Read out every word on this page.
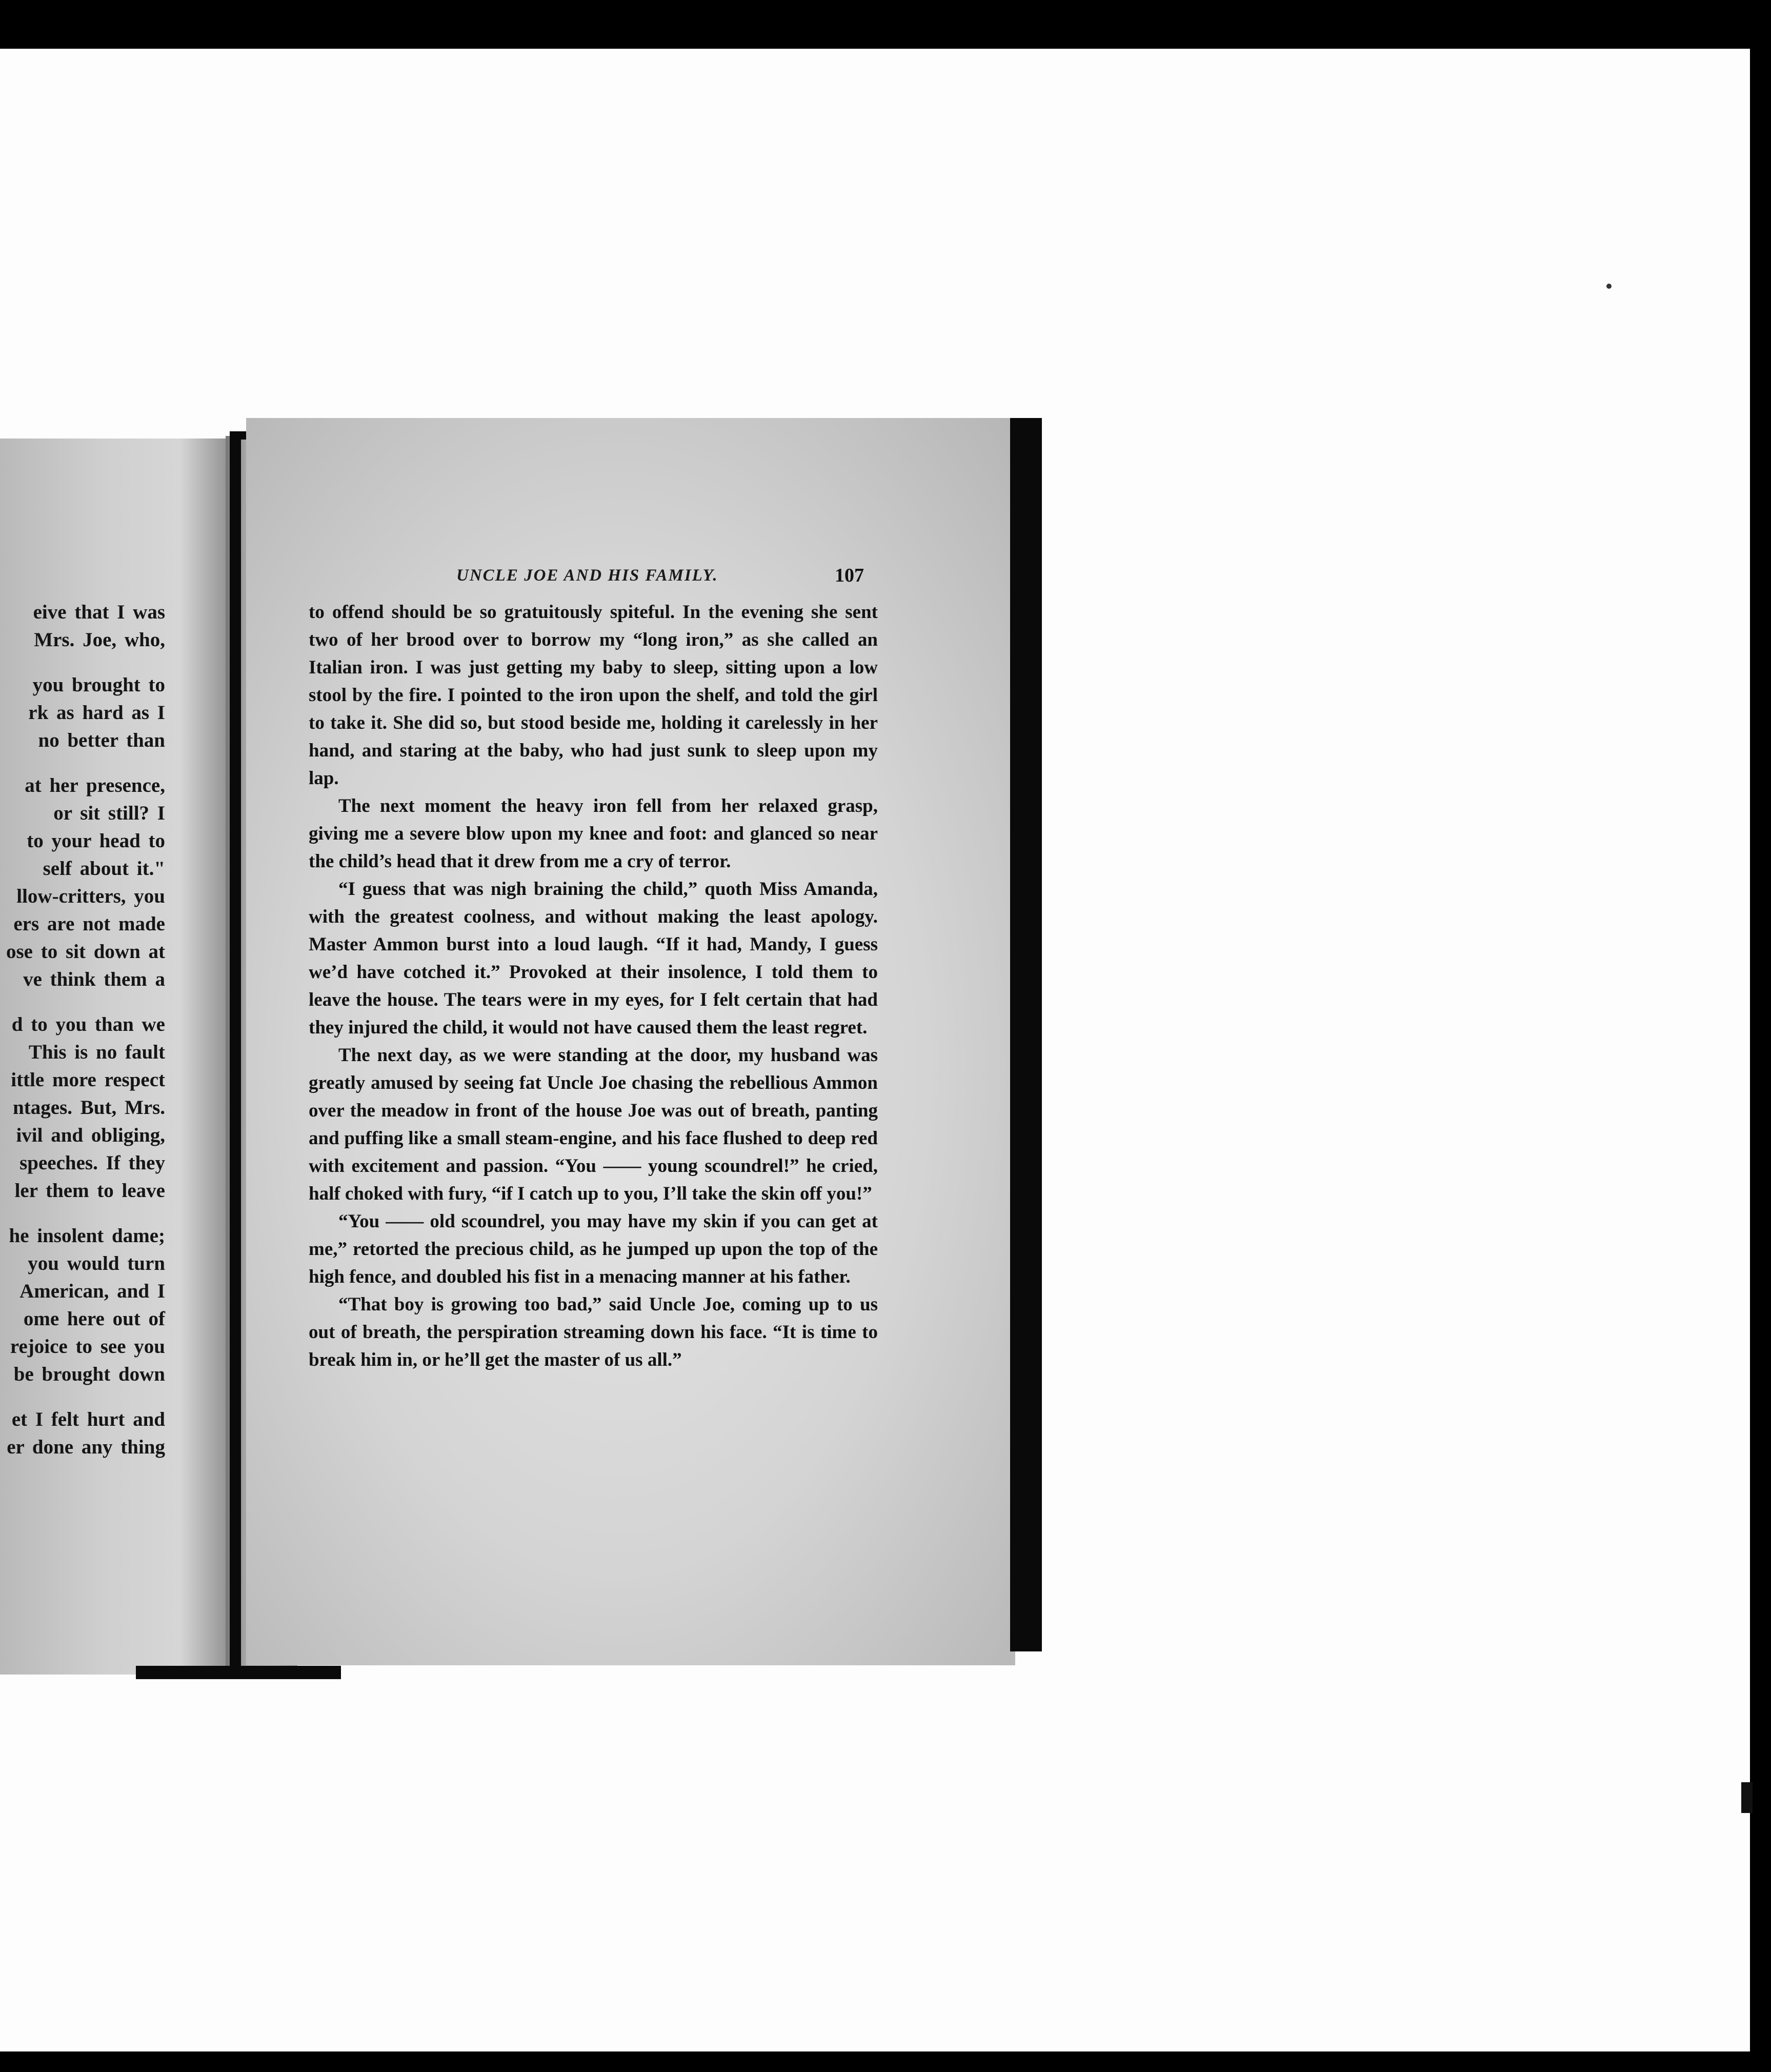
eive that I was
Mrs. Joe, who,
you brought to
rk as hard as I
no better than
at her presence,
or sit still? I
to your head to
self about it."
llow-critters, you
ers are not made
ose to sit down at
ve think them a
d to you than we
This is no fault
ittle more respect
ntages. But, Mrs.
ivil and obliging,
speeches. If they
ler them to leave
he insolent dame;
you would turn
American, and I
ome here out of
rejoice to see you
be brought down
et I felt hurt and
er done any thing
UNCLE JOE AND HIS FAMILY.	107

to offend should be so gratuitously spiteful. In the evening she sent two of her brood over to borrow my “long iron,” as she called an Italian iron. I was just getting my baby to sleep, sitting upon a low stool by the fire. I pointed to the iron upon the shelf, and told the girl to take it. She did so, but stood beside me, holding it carelessly in her hand, and staring at the baby, who had just sunk to sleep upon my lap.

The next moment the heavy iron fell from her relaxed grasp, giving me a severe blow upon my knee and foot: and glanced so near the child’s head that it drew from me a cry of terror.

“I guess that was nigh braining the child,” quoth Miss Amanda, with the greatest coolness, and without making the least apology. Master Ammon burst into a loud laugh. “If it had, Mandy, I guess we’d have cotched it.” Provoked at their insolence, I told them to leave the house. The tears were in my eyes, for I felt certain that had they injured the child, it would not have caused them the least regret.

The next day, as we were standing at the door, my husband was greatly amused by seeing fat Uncle Joe chasing the rebellious Ammon over the meadow in front of the house Joe was out of breath, panting and puffing like a small steam-engine, and his face flushed to deep red with excitement and passion. “You —— young scoundrel!” he cried, half choked with fury, “if I catch up to you, I’ll take the skin off you!”

“You —— old scoundrel, you may have my skin if you can get at me,” retorted the precious child, as he jumped up upon the top of the high fence, and doubled his fist in a menacing manner at his father.

“That boy is growing too bad,” said Uncle Joe, coming up to us out of breath, the perspiration streaming down his face. “It is time to break him in, or he’ll get the master of us all.”
